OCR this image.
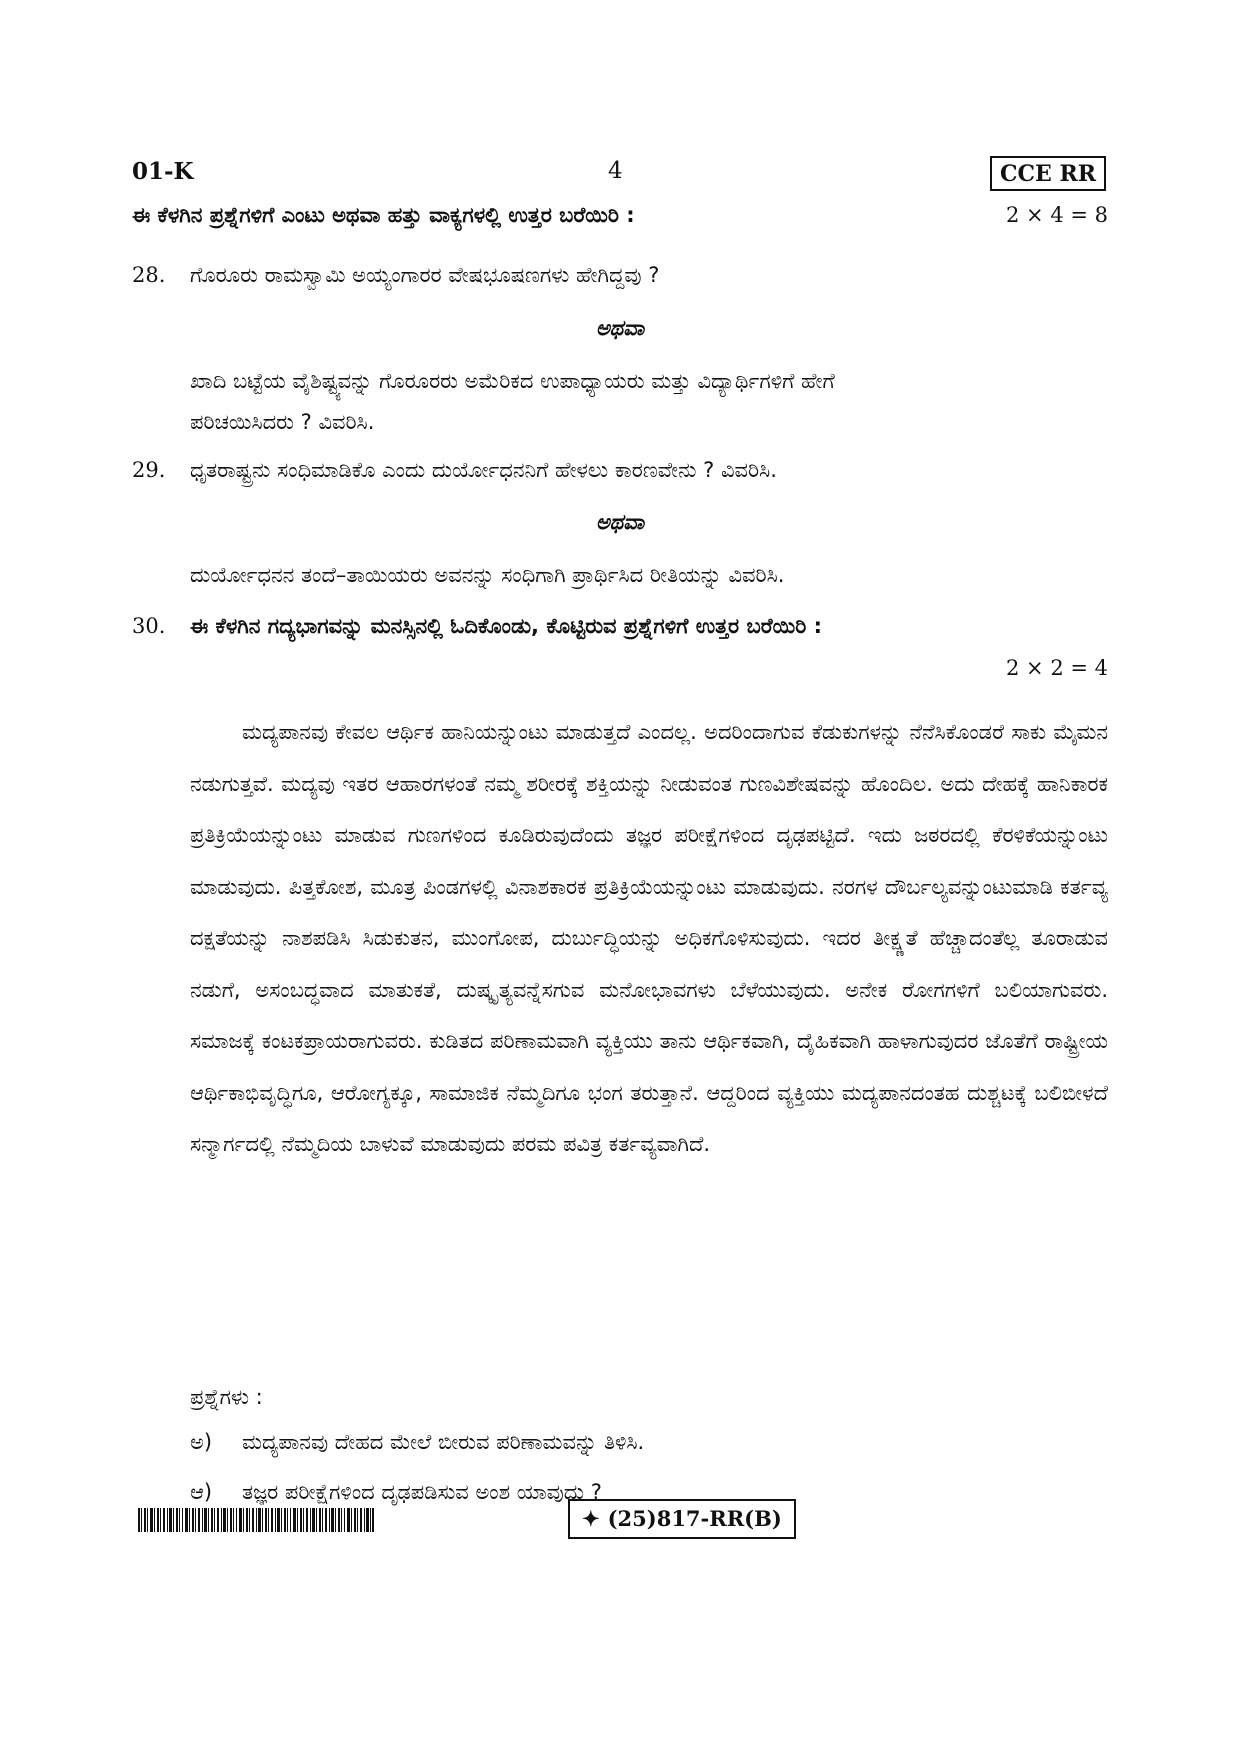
01-K	4	CCE RR
ಈ ಕೆಳಗಿನ ಪ್ರಶ್ನೆಗಳಿಗೆ ಎಂಟು ಅಥವಾ ಹತ್ತು ವಾಕ್ಯಗಳಲ್ಲಿ ಉತ್ತರ ಬರೆಯಿರಿ :	2 × 4 = 8
28. ಗೊರೂರು ರಾಮಸ್ವಾಮಿ ಅಯ್ಯಂಗಾರರ ವೇಷಭೂಷಣಗಳು ಹೇಗಿದ್ದವು ?
ಅಥವಾ
ಖಾದಿ ಬಟ್ಟೆಯ ವೈಶಿಷ್ಟ್ಯವನ್ನು ಗೊರೂರರು ಅಮೆರಿಕದ ಉಪಾಧ್ಯಾಯರು ಮತ್ತು ವಿದ್ಯಾರ್ಥಿಗಳಿಗೆ ಹೇಗೆ
ಪರಿಚಯಿಸಿದರು ? ವಿವರಿಸಿ.
29. ಧೃತರಾಷ್ಟ್ರನು ಸಂಧಿಮಾಡಿಕೊ ಎಂದು ದುರ್ಯೋಧನನಿಗೆ ಹೇಳಲು ಕಾರಣವೇನು ? ವಿವರಿಸಿ.
ಅಥವಾ
ದುರ್ಯೋಧನನ ತಂದೆ–ತಾಯಿಯರು ಅವನನ್ನು ಸಂಧಿಗಾಗಿ ಪ್ರಾರ್ಥಿಸಿದ ರೀತಿಯನ್ನು ವಿವರಿಸಿ.
30. ಈ ಕೆಳಗಿನ ಗದ್ಯಭಾಗವನ್ನು ಮನಸ್ಸಿನಲ್ಲಿ ಓದಿಕೊಂಡು, ಕೊಟ್ಟಿರುವ ಪ್ರಶ್ನೆಗಳಿಗೆ ಉತ್ತರ ಬರೆಯಿರಿ :
2 × 2 = 4

ಮದ್ಯಪಾನವು ಕೇವಲ ಆರ್ಥಿಕ ಹಾನಿಯನ್ನುಂಟು ಮಾಡುತ್ತದೆ ಎಂದಲ್ಲ. ಅದರಿಂದಾಗುವ ಕೆಡುಕುಗಳನ್ನು ನೆನೆಸಿಕೊಂಡರೆ ಸಾಕು ಮೈಮನ ನಡುಗುತ್ತವೆ. ಮದ್ಯವು ಇತರ ಆಹಾರಗಳಂತೆ ನಮ್ಮ ಶರೀರಕ್ಕೆ ಶಕ್ತಿಯನ್ನು ನೀಡುವಂತ ಗುಣವಿಶೇಷವನ್ನು ಹೊಂದಿಲ. ಅದು ದೇಹಕ್ಕೆ ಹಾನಿಕಾರಕ ಪ್ರತಿಕ್ರಿಯೆಯನ್ನುಂಟು ಮಾಡುವ ಗುಣಗಳಿಂದ ಕೂಡಿರುವುದೆಂದು ತಜ್ಞರ ಪರೀಕ್ಷೆಗಳಿಂದ ದೃಢಪಟ್ಟಿದೆ. ಇದು ಜಠರದಲ್ಲಿ ಕೆರಳಿಕೆಯನ್ನುಂಟು ಮಾಡುವುದು. ಪಿತ್ತಕೋಶ, ಮೂತ್ರ ಪಿಂಡಗಳಲ್ಲಿ ವಿನಾಶಕಾರಕ ಪ್ರತಿಕ್ರಿಯೆಯನ್ನುಂಟು ಮಾಡುವುದು. ನರಗಳ ದೌರ್ಬಲ್ಯವನ್ನುಂಟುಮಾಡಿ ಕರ್ತವ್ಯ ದಕ್ಷತೆಯನ್ನು ನಾಶಪಡಿಸಿ ಸಿಡುಕುತನ, ಮುಂಗೋಪ, ದುರ್ಬುದ್ಧಿಯನ್ನು ಅಧಿಕಗೊಳಿಸುವುದು. ಇದರ ತೀಕ್ಷ್ಣತೆ ಹೆಚ್ಚಾದಂತೆಲ್ಲ ತೂರಾಡುವ ನಡುಗೆ, ಅಸಂಬದ್ಧವಾದ ಮಾತುಕತೆ, ದುಷ್ಕೃತ್ಯವನ್ನೆಸಗುವ ಮನೋಭಾವಗಳು ಬೆಳೆಯುವುದು. ಅನೇಕ ರೋಗಗಳಿಗೆ ಬಲಿಯಾಗುವರು. ಸಮಾಜಕ್ಕೆ ಕಂಟಕಪ್ರಾಯರಾಗುವರು. ಕುಡಿತದ ಪರಿಣಾಮವಾಗಿ ವ್ಯಕ್ತಿಯು ತಾನು ಆರ್ಥಿಕವಾಗಿ, ದೈಹಿಕವಾಗಿ ಹಾಳಾಗುವುದರ ಜೊತೆಗೆ ರಾಷ್ಟ್ರೀಯ ಆರ್ಥಿಕಾಭಿವೃದ್ಧಿಗೂ, ಆರೋಗ್ಯಕ್ಕೂ, ಸಾಮಾಜಿಕ ನೆಮ್ಮದಿಗೂ ಭಂಗ ತರುತ್ತಾನೆ. ಆದ್ದರಿಂದ ವ್ಯಕ್ತಿಯು ಮದ್ಯಪಾನದಂತಹ ದುಶ್ಚಟಕ್ಕೆ ಬಲಿಬೀಳದೆ ಸನ್ಮಾರ್ಗದಲ್ಲಿ ನೆಮ್ಮದಿಯ ಬಾಳುವೆ ಮಾಡುವುದು ಪರಮ ಪವಿತ್ರ ಕರ್ತವ್ಯವಾಗಿದೆ.

ಪ್ರಶ್ನೆಗಳು :
ಅ) ಮದ್ಯಪಾನವು ದೇಹದ ಮೇಲೆ ಬೀರುವ ಪರಿಣಾಮವನ್ನು ತಿಳಿಸಿ.
ಆ) ತಜ್ಞರ ಪರೀಕ್ಷೆಗಳಿಂದ ದೃಢಪಡಿಸುವ ಅಂಶ ಯಾವುದು ?
✦ (25)817-RR(B)
